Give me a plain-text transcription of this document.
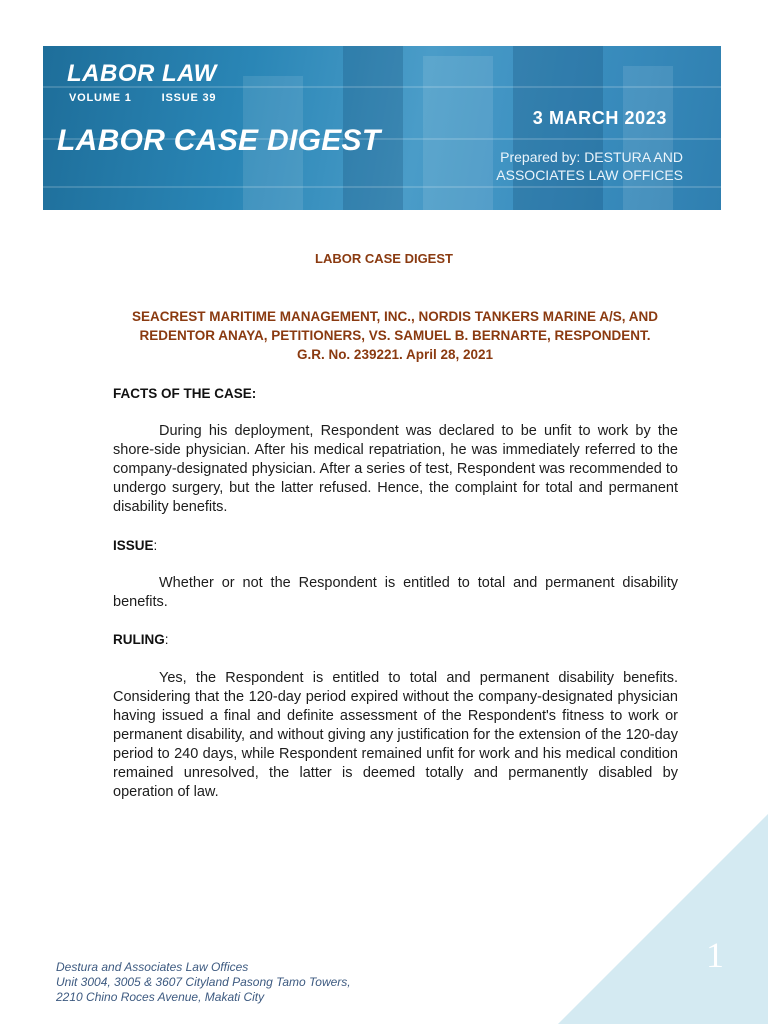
LABOR LAW
VOLUME 1	ISSUE 39
LABOR CASE DIGEST
3 MARCH 2023
Prepared by: DESTURA AND
ASSOCIATES LAW OFFICES
LABOR CASE DIGEST
SEACREST MARITIME MANAGEMENT, INC., NORDIS TANKERS MARINE A/S, AND
REDENTOR ANAYA, PETITIONERS, VS. SAMUEL B. BERNARTE, RESPONDENT.
G.R. No. 239221. April 28, 2021
FACTS OF THE CASE:

During his deployment, Respondent was declared to be unfit to work by the shore-side physician. After his medical repatriation, he was immediately referred to the company-designated physician. After a series of test, Respondent was recommended to undergo surgery, but the latter refused. Hence, the complaint for total and permanent disability benefits.

ISSUE:

Whether or not the Respondent is entitled to total and permanent disability benefits.

RULING:

Yes, the Respondent is entitled to total and permanent disability benefits. Considering that the 120-day period expired without the company-designated physician having issued a final and definite assessment of the Respondent's fitness to work or permanent disability, and without giving any justification for the extension of the 120-day period to 240 days, while Respondent remained unfit for work and his medical condition remained unresolved, the latter is deemed totally and permanently disabled by operation of law.

1
Destura and Associates Law Offices
Unit 3004, 3005 & 3607 Cityland Pasong Tamo Towers,
2210 Chino Roces Avenue, Makati City
